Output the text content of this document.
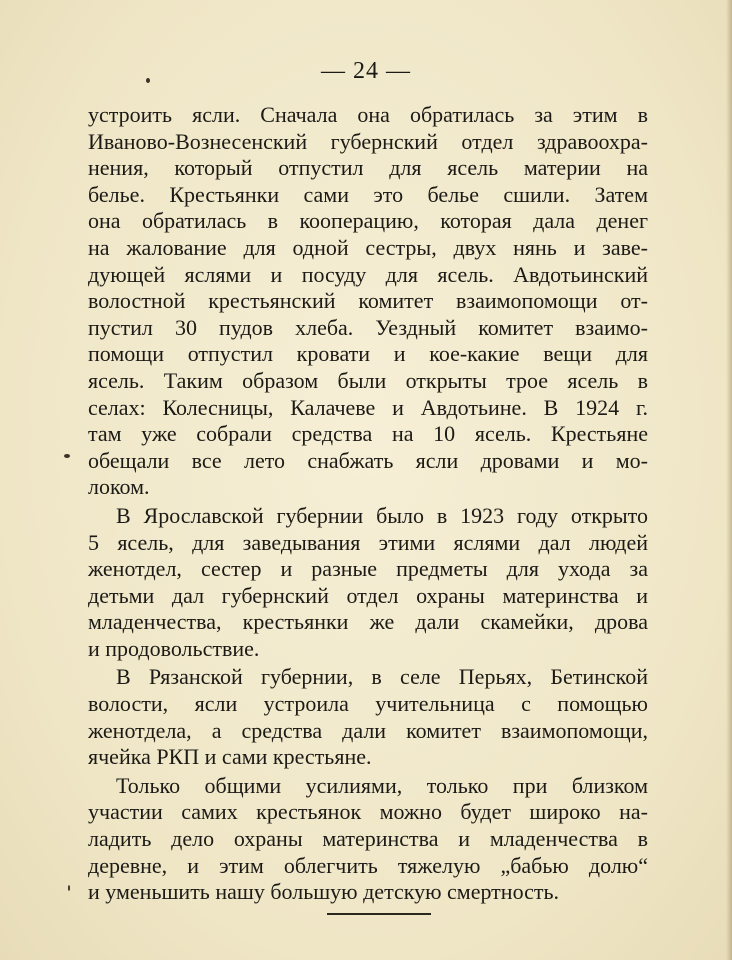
— 24 —
устроить ясли. Сначала она обратилась за этим в
Иваново-Вознесенский губернский отдел здравоохра-
нения, который отпустил для ясель материи на
белье. Крестьянки сами это белье сшили. Затем
она обратилась в кооперацию, которая дала денег
на жалование для одной сестры, двух нянь и заве-
дующей яслями и посуду для ясель. Авдотьинский
волостной крестьянский комитет взаимопомощи от-
пустил 30 пудов хлеба. Уездный комитет взаимо-
помощи отпустил кровати и кое-какие вещи для
ясель. Таким образом были открыты трое ясель в
селах: Колесницы, Калачеве и Авдотьине. В 1924 г.
там уже собрали средства на 10 ясель. Крестьяне
обещали все лето снабжать ясли дровами и мо-
локом.
В Ярославской губернии было в 1923 году открыто
5 ясель, для заведывания этими яслями дал людей
женотдел, сестер и разные предметы для ухода за
детьми дал губернский отдел охраны материнства и
младенчества, крестьянки же дали скамейки, дрова
и продовольствие.
В Рязанской губернии, в селе Перьях, Бетинской
волости, ясли устроила учительница с помощью
женотдела, а средства дали комитет взаимопомощи,
ячейка РКП и сами крестьяне.
Только общими усилиями, только при близком
участии самих крестьянок можно будет широко на-
ладить дело охраны материнства и младенчества в
деревне, и этим облегчить тяжелую „бабью долю“
и уменьшить нашу большую детскую смертность.
